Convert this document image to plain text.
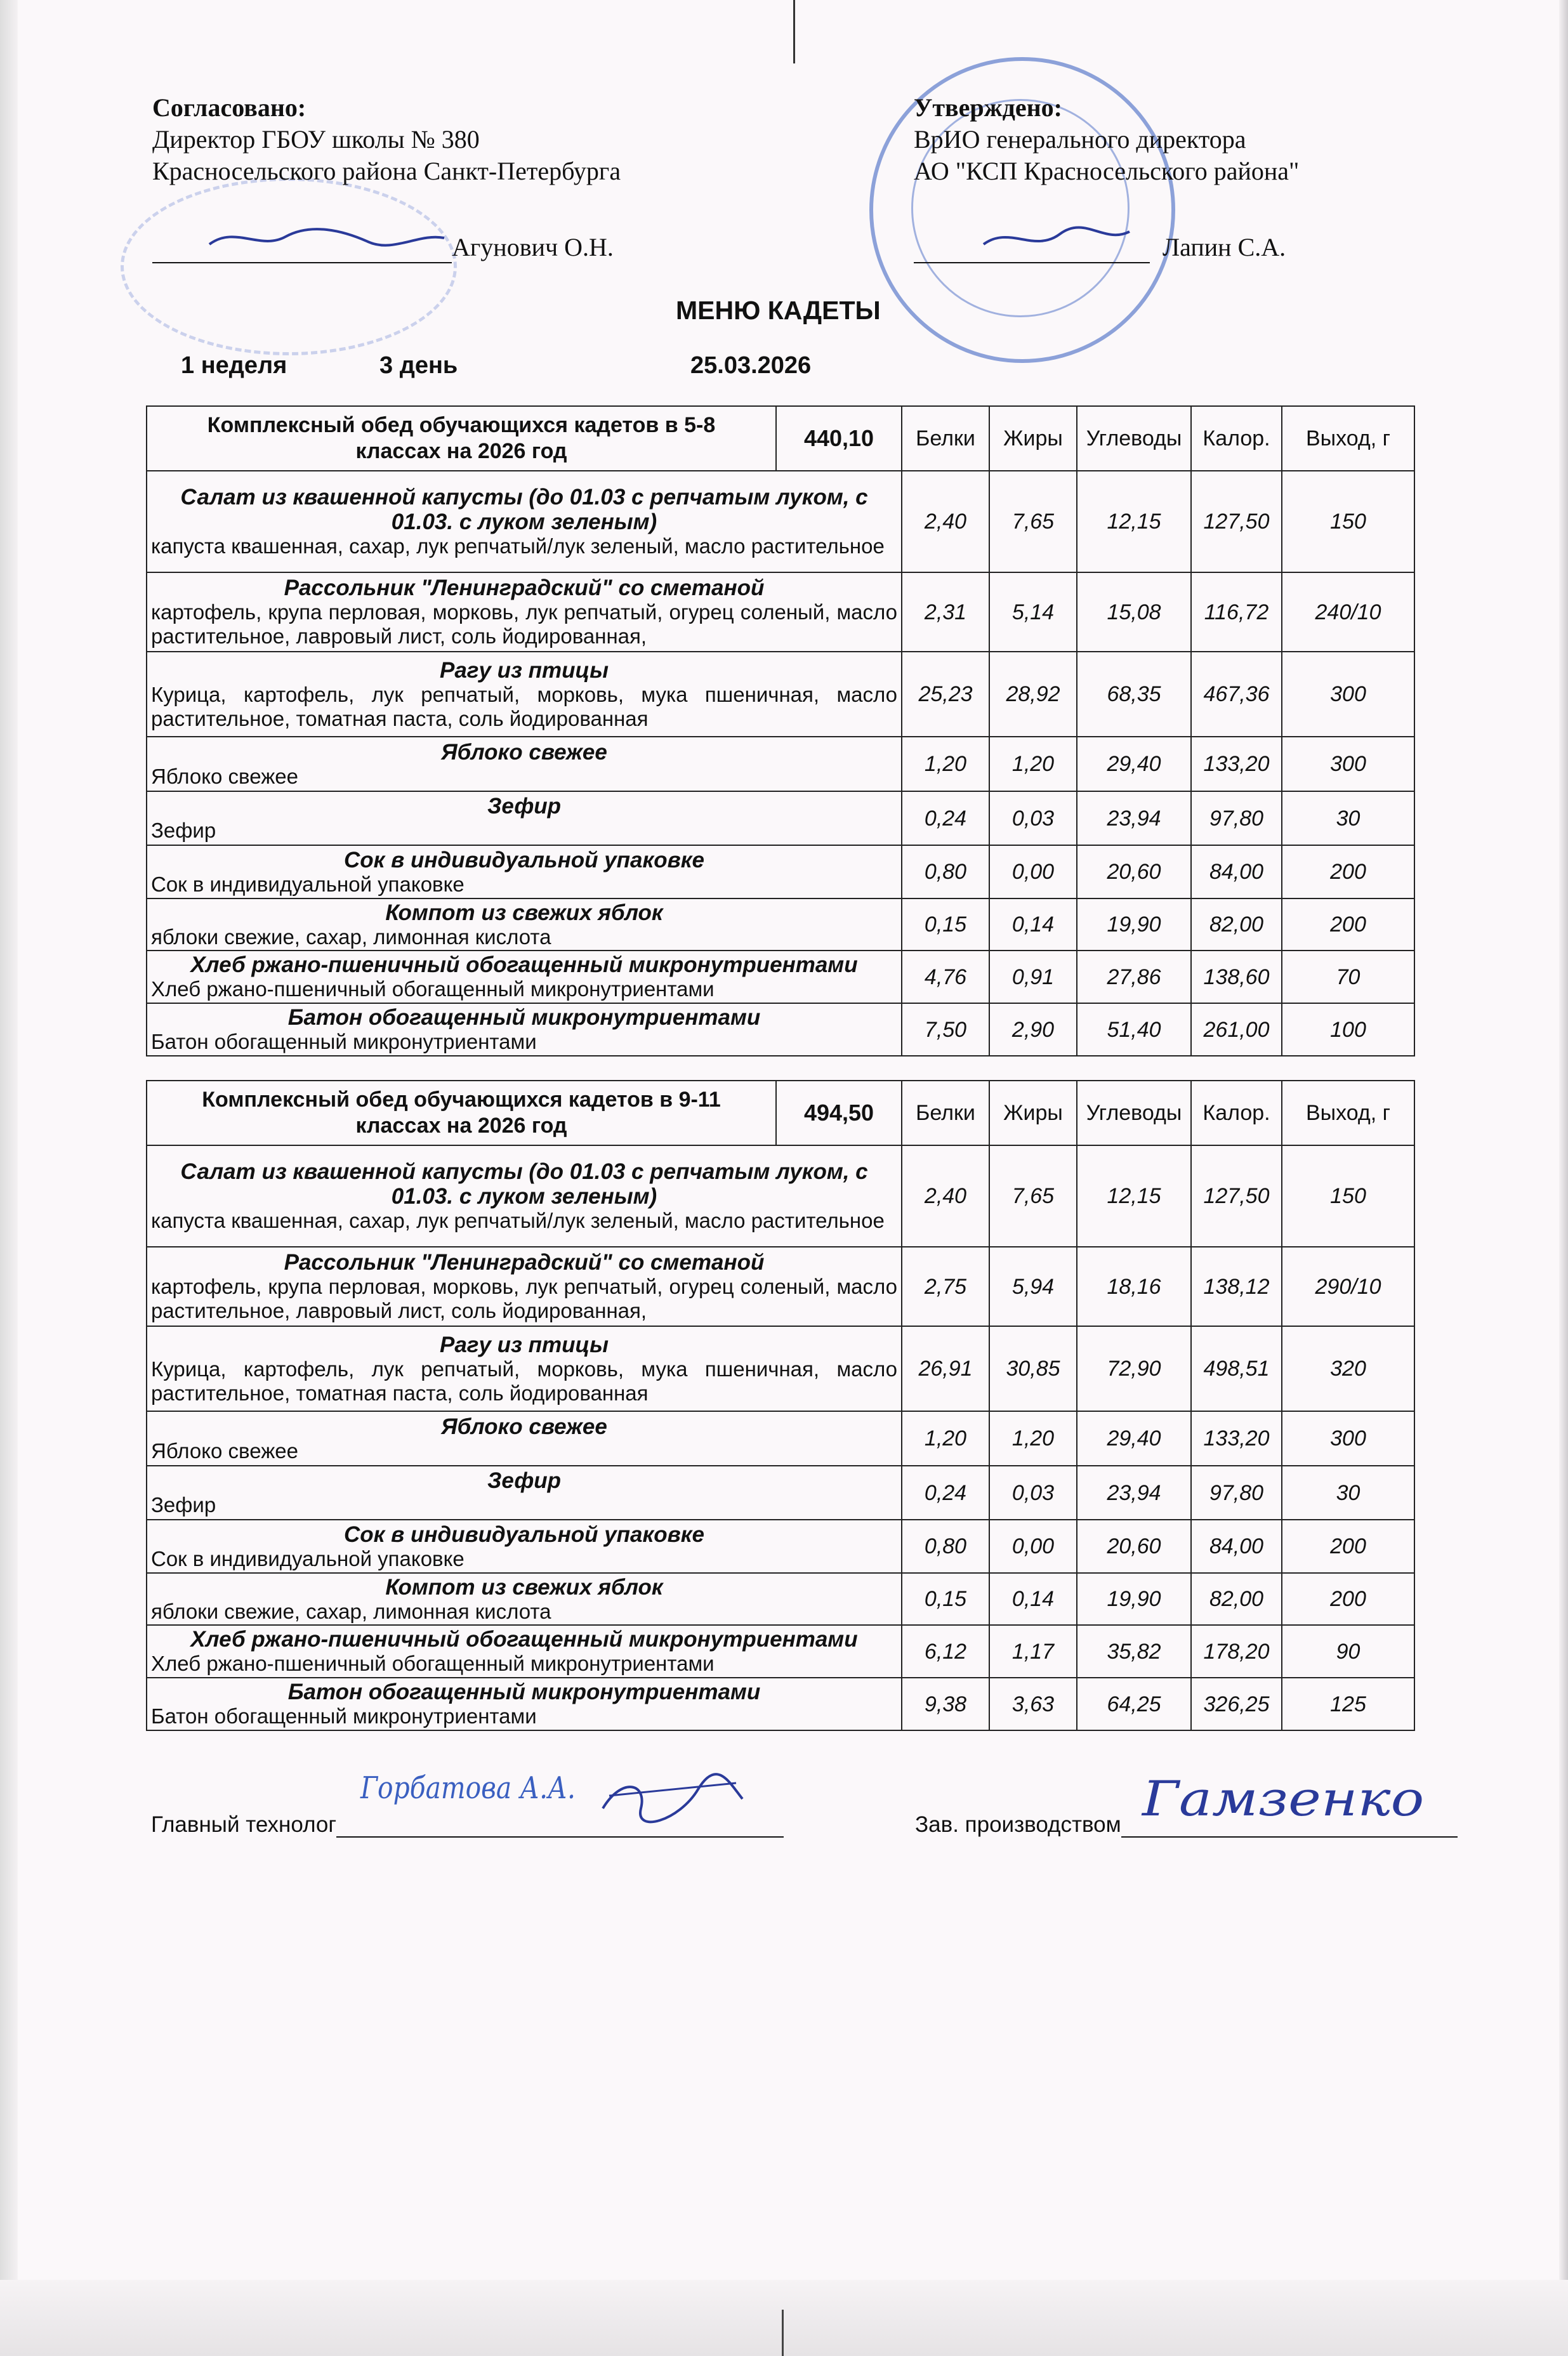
Согласовано:
Директор ГБОУ школы № 380
Красносельского района Санкт-Петербурга
Агунович О.Н.
Утверждено:
ВрИО генерального директора
АО "КСП Красносельского района"
Лапин С.А.
МЕНЮ КАДЕТЫ
1 неделя	3 день	25.03.2026
Комплексный обед обучающихся кадетов в 5-8
классах на 2026 год	440,10	Белки	Жиры	Углеводы	Калор.	Выход, г

Салат из квашенной капусты (до 01.03 с репчатым луком, с 01.03. с луком зеленым)
капуста квашенная, сахар, лук репчатый/лук зеленый, масло растительное		2,40	7,65	12,15	127,50	150

Рассольник "Ленинградский" со сметаной
картофель, крупа перловая, морковь, лук репчатый, огурец соленый, масло растительное, лавровый лист, соль йодированная,		2,31	5,14	15,08	116,72	240/10

Рагу из птицы
Курица, картофель, лук репчатый, морковь, мука пшеничная, масло растительное, томатная паста, соль йодированная		25,23	28,92	68,35	467,36	300

Яблоко свежее
Яблоко свежее		1,20	1,20	29,40	133,20	300

Зефир
Зефир		0,24	0,03	23,94	97,80	30

Сок в индивидуальной упаковке
Сок в индивидуальной упаковке		0,80	0,00	20,60	84,00	200

Компот из свежих яблок
яблоки свежие, сахар, лимонная кислота		0,15	0,14	19,90	82,00	200

Хлеб ржано-пшеничный обогащенный микронутриентами
Хлеб ржано-пшеничный обогащенный микронутриентами		4,76	0,91	27,86	138,60	70

Батон обогащенный микронутриентами
Батон обогащенный микронутриентами		7,50	2,90	51,40	261,00	100
Комплексный обед обучающихся кадетов в 9-11
классах на 2026 год	494,50	Белки	Жиры	Углеводы	Калор.	Выход, г

Салат из квашенной капусты (до 01.03 с репчатым луком, с 01.03. с луком зеленым)
капуста квашенная, сахар, лук репчатый/лук зеленый, масло растительное		2,40	7,65	12,15	127,50	150

Рассольник "Ленинградский" со сметаной
картофель, крупа перловая, морковь, лук репчатый, огурец соленый, масло растительное, лавровый лист, соль йодированная,		2,75	5,94	18,16	138,12	290/10

Рагу из птицы
Курица, картофель, лук репчатый, морковь, мука пшеничная, масло растительное, томатная паста, соль йодированная		26,91	30,85	72,90	498,51	320

Яблоко свежее
Яблоко свежее		1,20	1,20	29,40	133,20	300

Зефир
Зефир		0,24	0,03	23,94	97,80	30

Сок в индивидуальной упаковке
Сок в индивидуальной упаковке		0,80	0,00	20,60	84,00	200

Компот из свежих яблок
яблоки свежие, сахар, лимонная кислота		0,15	0,14	19,90	82,00	200

Хлеб ржано-пшеничный обогащенный микронутриентами
Хлеб ржано-пшеничный обогащенный микронутриентами		6,12	1,17	35,82	178,20	90

Батон обогащенный микронутриентами
Батон обогащенный микронутриентами		9,38	3,63	64,25	326,25	125
Главный технолог
Горбатова А.А.
Зав. производством Гамзенко
